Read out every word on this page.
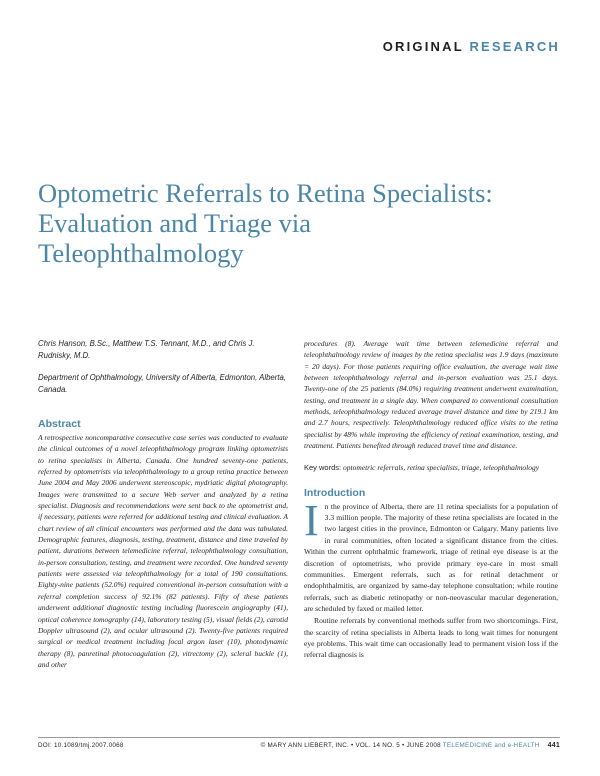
ORIGINAL RESEARCH
Optometric Referrals to Retina Specialists: Evaluation and Triage via Teleophthalmology

Chris Hanson, B.Sc., Matthew T.S. Tennant, M.D., and Chris J. Rudnisky, M.D.

Department of Ophthalmology, University of Alberta, Edmonton, Alberta, Canada.

Abstract

A retrospective noncomparative consecutive case series was conducted to evaluate the clinical outcomes of a novel teleophthalmology program linking optometrists to retina specialists in Alberta, Canada. One hundred seventy-one patients, referred by optometrists via teleophthalmology to a group retina practice between June 2004 and May 2006 underwent stereoscopic, mydriatic digital photography. Images were transmitted to a secure Web server and analyzed by a retina specialist. Diagnosis and recommendations were sent back to the optometrist and, if necessary, patients were referred for additional testing and clinical evaluation. A chart review of all clinical encounters was performed and the data was tabulated. Demographic features, diagnosis, testing, treatment, distance and time traveled by patient, durations between telemedicine referral, teleophthalmology consultation, in-person consultation, testing, and treatment were recorded. One hundred seventy patients were assessed via teleophthalmology for a total of 190 consultations. Eighty-nine patients (52.0%) required conventional in-person consultation with a referral completion success of 92.1% (82 patients). Fifty of these patients underwent additional diagnostic testing including fluorescein angiography (41), optical coherence tomography (14), laboratory testing (5), visual fields (2), carotid Doppler ultrasound (2), and ocular ultrasound (2). Twenty-five patients required surgical or medical treatment including focal argon laser (10), photodynamic therapy (8), panretinal photocoagulation (2), vitrectomy (2), scleral buckle (1), and other

procedures (8). Average wait time between telemedicine referral and teleophthalmology review of images by the retina specialist was 1.9 days (maximum = 20 days). For those patients requiring office evaluation, the average wait time between teleophthalmology referral and in-person evaluation was 25.1 days. Twenty-one of the 25 patients (84.0%) requiring treatment underwent examination, testing, and treatment in a single day. When compared to conventional consultation methods, teleophthalmology reduced average travel distance and time by 219.1 km and 2.7 hours, respectively. Teleophthalmology reduced office visits to the retina specialist by 48% while improving the efficiency of retinal examination, testing, and treatment. Patients benefited through reduced travel time and distance.

Key words: optometric referrals, retina specialists, triage, teleophthalmology

Introduction

In the province of Alberta, there are 11 retina specialists for a population of 3.3 million people. The majority of these retina specialists are located in the two largest cities in the province, Edmonton or Calgary. Many patients live in rural communities, often located a significant distance from the cities. Within the current ophthalmic framework, triage of retinal eye disease is at the discretion of optometrists, who provide primary eye-care in most small communities. Emergent referrals, such as for retinal detachment or endophthalmitis, are organized by same-day telephone consultation; while routine referrals, such as diabetic retinopathy or non-neovascular macular degeneration, are scheduled by faxed or mailed letter.

Routine referrals by conventional methods suffer from two shortcomings. First, the scarcity of retina specialists in Alberta leads to long wait times for nonurgent eye problems. This wait time can occasionally lead to permanent vision loss if the referral diagnosis is

DOI: 10.1089/tmj.2007.0068	© MARY ANN LIEBERT, INC. • VOL. 14 NO. 5 • JUNE 2008 TELEMEDICINE and e-HEALTH 441
